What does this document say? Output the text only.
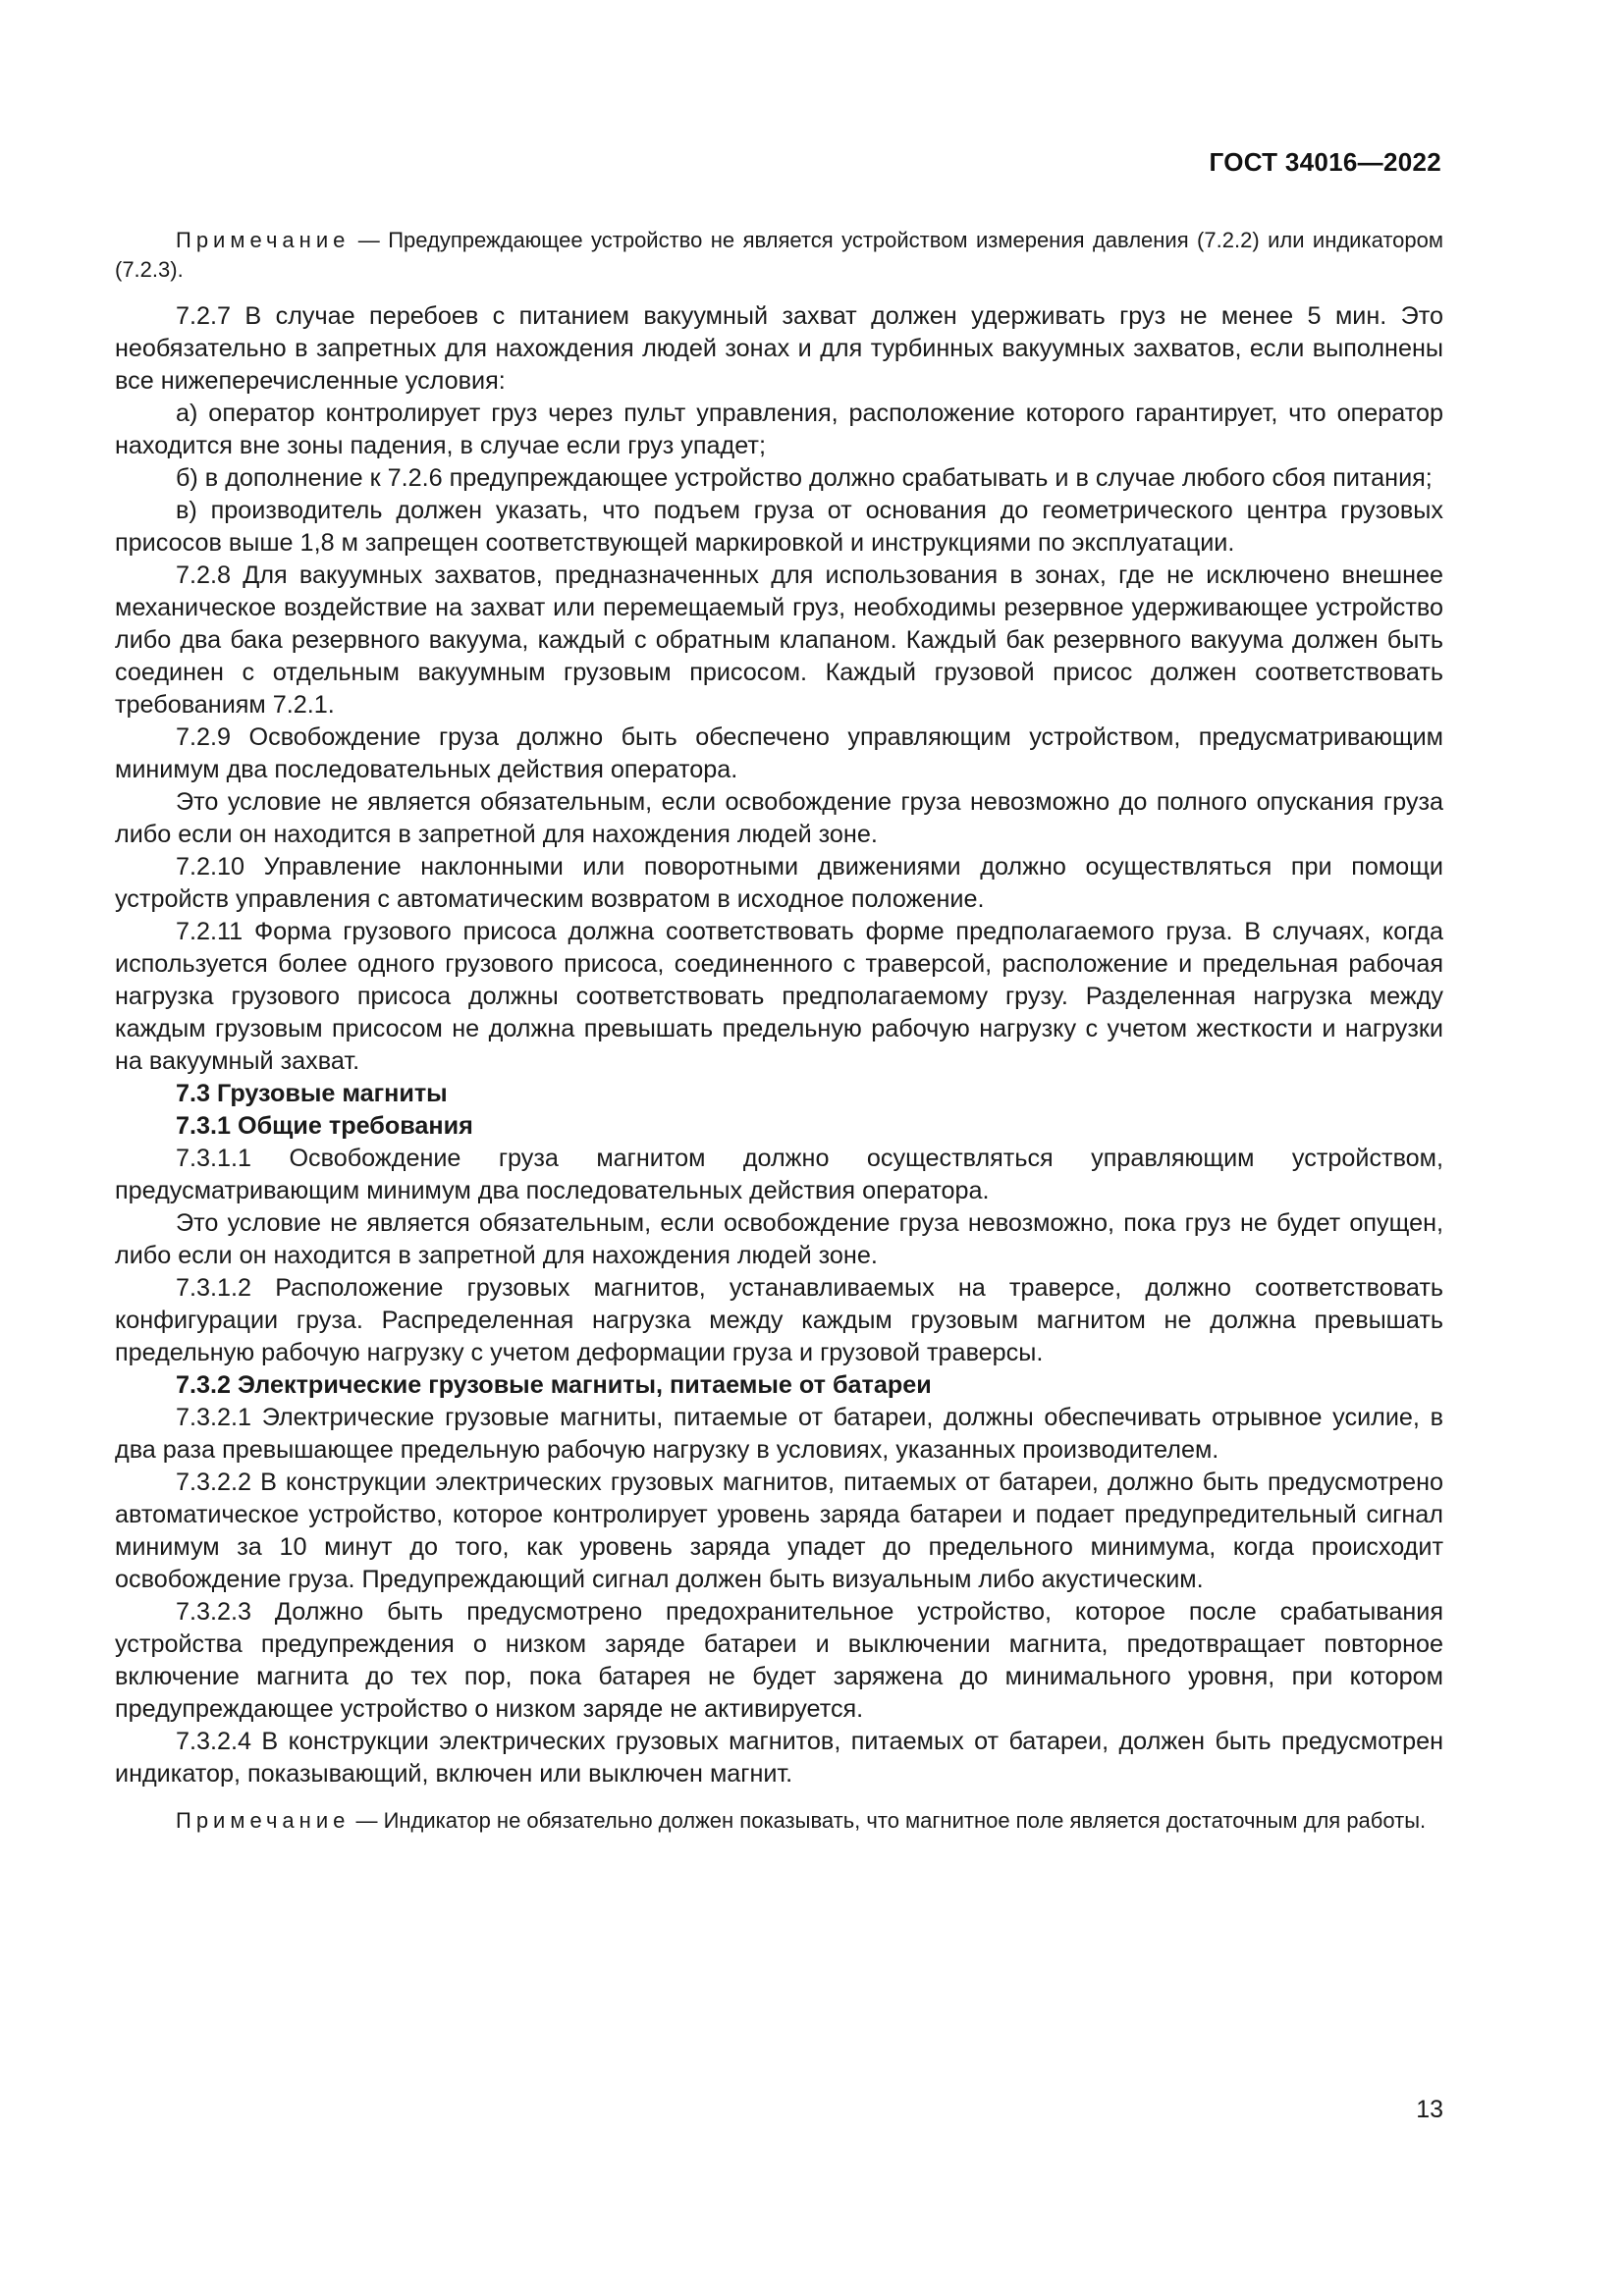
ГОСТ 34016—2022

Примечание — Предупреждающее устройство не является устройством измерения давления (7.2.2) или индикатором (7.2.3).

7.2.7 В случае перебоев с питанием вакуумный захват должен удерживать груз не менее 5 мин. Это необязательно в запретных для нахождения людей зонах и для турбинных вакуумных захватов, если выполнены все нижеперечисленные условия:

а) оператор контролирует груз через пульт управления, расположение которого гарантирует, что оператор находится вне зоны падения, в случае если груз упадет;

б) в дополнение к 7.2.6 предупреждающее устройство должно срабатывать и в случае любого сбоя питания;

в) производитель должен указать, что подъем груза от основания до геометрического центра грузовых присосов выше 1,8 м запрещен соответствующей маркировкой и инструкциями по эксплуатации.

7.2.8 Для вакуумных захватов, предназначенных для использования в зонах, где не исключено внешнее механическое воздействие на захват или перемещаемый груз, необходимы резервное удерживающее устройство либо два бака резервного вакуума, каждый с обратным клапаном. Каждый бак резервного вакуума должен быть соединен с отдельным вакуумным грузовым присосом. Каждый грузовой присос должен соответствовать требованиям 7.2.1.

7.2.9 Освобождение груза должно быть обеспечено управляющим устройством, предусматривающим минимум два последовательных действия оператора.

Это условие не является обязательным, если освобождение груза невозможно до полного опускания груза либо если он находится в запретной для нахождения людей зоне.

7.2.10 Управление наклонными или поворотными движениями должно осуществляться при помощи устройств управления с автоматическим возвратом в исходное положение.

7.2.11 Форма грузового присоса должна соответствовать форме предполагаемого груза. В случаях, когда используется более одного грузового присоса, соединенного с траверсой, расположение и предельная рабочая нагрузка грузового присоса должны соответствовать предполагаемому грузу. Разделенная нагрузка между каждым грузовым присосом не должна превышать предельную рабочую нагрузку с учетом жесткости и нагрузки на вакуумный захват.

7.3 Грузовые магниты

7.3.1 Общие требования

7.3.1.1 Освобождение груза магнитом должно осуществляться управляющим устройством, предусматривающим минимум два последовательных действия оператора.

Это условие не является обязательным, если освобождение груза невозможно, пока груз не будет опущен, либо если он находится в запретной для нахождения людей зоне.

7.3.1.2 Расположение грузовых магнитов, устанавливаемых на траверсе, должно соответствовать конфигурации груза. Распределенная нагрузка между каждым грузовым магнитом не должна превышать предельную рабочую нагрузку с учетом деформации груза и грузовой траверсы.

7.3.2 Электрические грузовые магниты, питаемые от батареи

7.3.2.1 Электрические грузовые магниты, питаемые от батареи, должны обеспечивать отрывное усилие, в два раза превышающее предельную рабочую нагрузку в условиях, указанных производителем.

7.3.2.2 В конструкции электрических грузовых магнитов, питаемых от батареи, должно быть предусмотрено автоматическое устройство, которое контролирует уровень заряда батареи и подает предупредительный сигнал минимум за 10 минут до того, как уровень заряда упадет до предельного минимума, когда происходит освобождение груза. Предупреждающий сигнал должен быть визуальным либо акустическим.

7.3.2.3 Должно быть предусмотрено предохранительное устройство, которое после срабатывания устройства предупреждения о низком заряде батареи и выключении магнита, предотвращает повторное включение магнита до тех пор, пока батарея не будет заряжена до минимального уровня, при котором предупреждающее устройство о низком заряде не активируется.

7.3.2.4 В конструкции электрических грузовых магнитов, питаемых от батареи, должен быть предусмотрен индикатор, показывающий, включен или выключен магнит.

Примечание — Индикатор не обязательно должен показывать, что магнитное поле является достаточным для работы.

13
